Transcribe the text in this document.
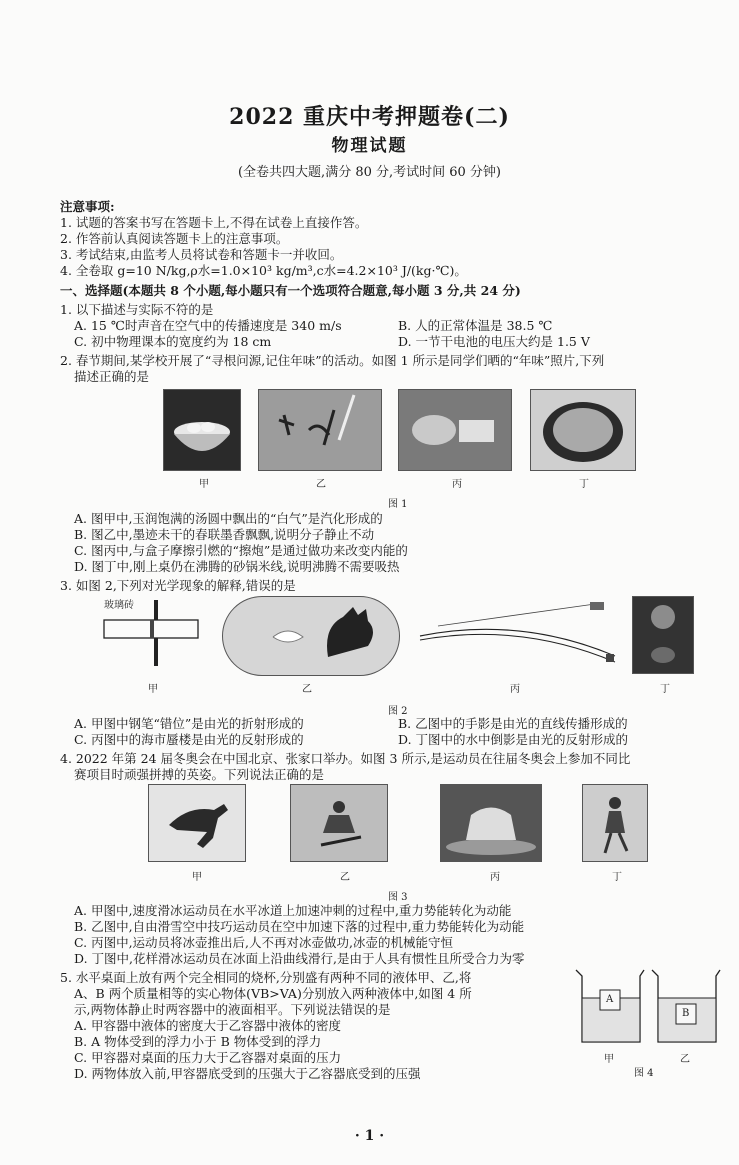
2022 重庆中考押题卷(二)
物理试题
(全卷共四大题,满分 80 分,考试时间 60 分钟)
注意事项:
1. 试题的答案书写在答题卡上,不得在试卷上直接作答。
2. 作答前认真阅读答题卡上的注意事项。
3. 考试结束,由监考人员将试卷和答题卡一并收回。
4. 全卷取 g=10 N/kg,ρ水=1.0×10³ kg/m³,c水=4.2×10³ J/(kg·℃)。
一、选择题(本题共 8 个小题,每小题只有一个选项符合题意,每小题 3 分,共 24 分)
1. 以下描述与实际不符的是
A. 15 ℃时声音在空气中的传播速度是 340 m/s	B. 人的正常体温是 38.5 ℃
C. 初中物理课本的宽度约为 18 cm	D. 一节干电池的电压大约是 1.5 V
2. 春节期间,某学校开展了“寻根问源,记住年味”的活动。如图 1 所示是同学们晒的“年味”照片,下列
描述正确的是
甲	乙	丙	丁
图 1
A. 图甲中,玉润饱满的汤圆中飘出的“白气”是汽化形成的
B. 图乙中,墨迹未干的春联墨香飘飘,说明分子静止不动
C. 图丙中,与盒子摩擦引燃的“擦炮”是通过做功来改变内能的
D. 图丁中,刚上桌仍在沸腾的砂锅米线,说明沸腾不需要吸热
3. 如图 2,下列对光学现象的解释,错误的是
玻璃砖
甲	乙	丙	丁
图 2
A. 甲图中钢笔“错位”是由光的折射形成的	B. 乙图中的手影是由光的直线传播形成的
C. 丙图中的海市蜃楼是由光的反射形成的	D. 丁图中的水中倒影是由光的反射形成的
4. 2022 年第 24 届冬奥会在中国北京、张家口举办。如图 3 所示,是运动员在往届冬奥会上参加不同比
赛项目时顽强拼搏的英姿。下列说法正确的是
甲	乙	丙	丁
图 3
A. 甲图中,速度滑冰运动员在水平冰道上加速冲刺的过程中,重力势能转化为动能
B. 乙图中,自由滑雪空中技巧运动员在空中加速下落的过程中,重力势能转化为动能
C. 丙图中,运动员将冰壶推出后,人不再对冰壶做功,冰壶的机械能守恒
D. 丁图中,花样滑冰运动员在冰面上沿曲线滑行,是由于人具有惯性且所受合力为零
5. 水平桌面上放有两个完全相同的烧杯,分别盛有两种不同的液体甲、乙,将
A、B 两个质量相等的实心物体(VB>VA)分别放入两种液体中,如图 4 所
示,两物体静止时两容器中的液面相平。下列说法错误的是
A. 甲容器中液体的密度大于乙容器中液体的密度
B. A 物体受到的浮力小于 B 物体受到的浮力
C. 甲容器对桌面的压力大于乙容器对桌面的压力
D. 两物体放入前,甲容器底受到的压强大于乙容器底受到的压强
A
B
甲	乙
图 4
· 1 ·
